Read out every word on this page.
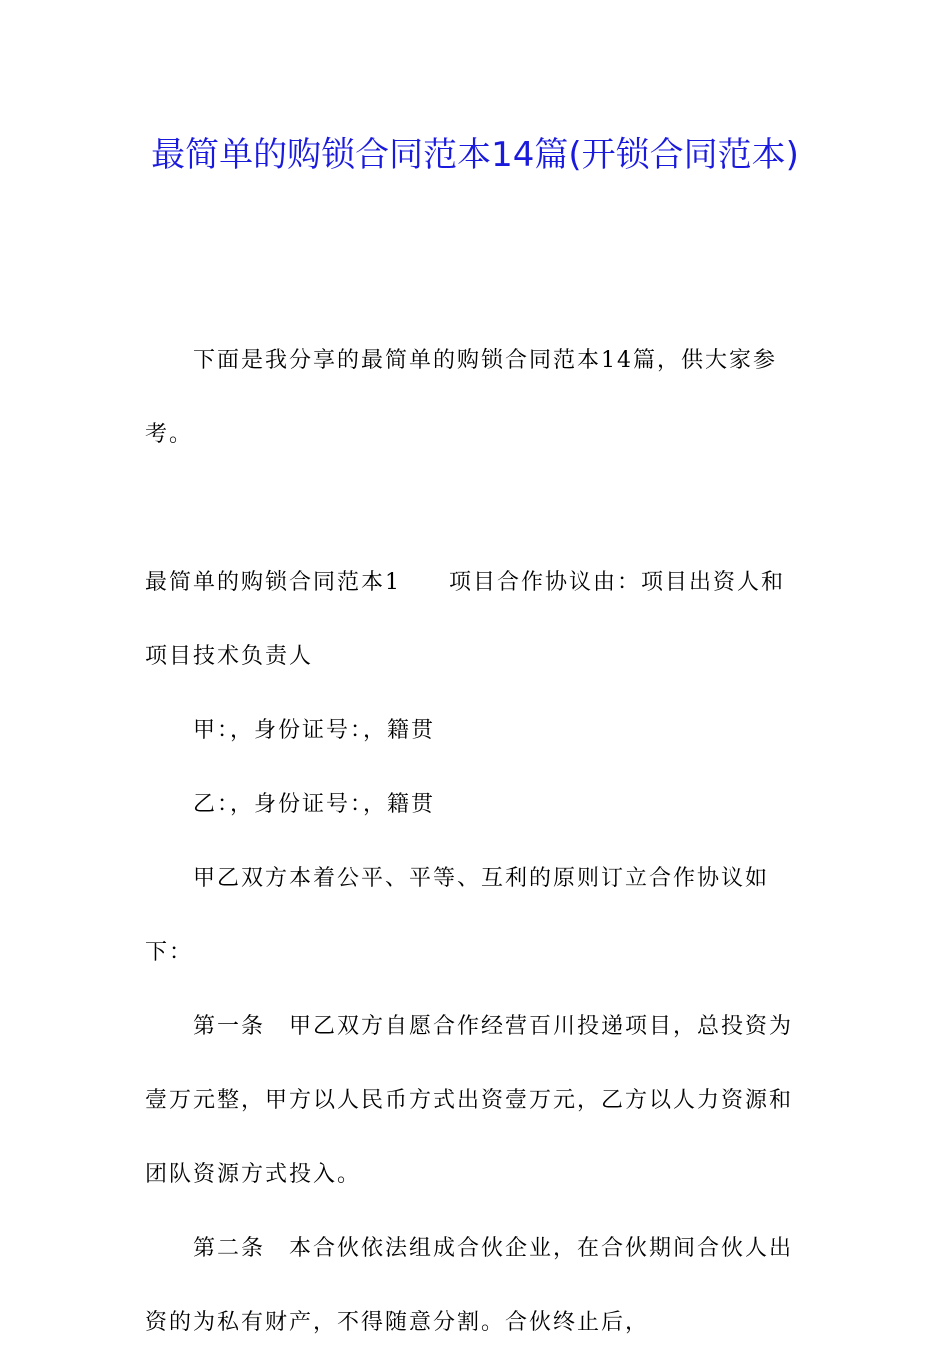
最简单的购锁合同范本14篇(开锁合同范本)

下面是我分享的最简单的购锁合同范本14篇，供大家参考。

最简单的购锁合同范本1　　项目合作协议由：项目出资人和项目技术负责人

甲：，身份证号：，籍贯

乙：，身份证号：，籍贯

甲乙双方本着公平、平等、互利的原则订立合作协议如下：

第一条　甲乙双方自愿合作经营百川投递项目，总投资为壹万元整，甲方以人民币方式出资壹万元，乙方以人力资源和团队资源方式投入。

第二条　本合伙依法组成合伙企业，在合伙期间合伙人出资的为私有财产，不得随意分割。合伙终止后，
